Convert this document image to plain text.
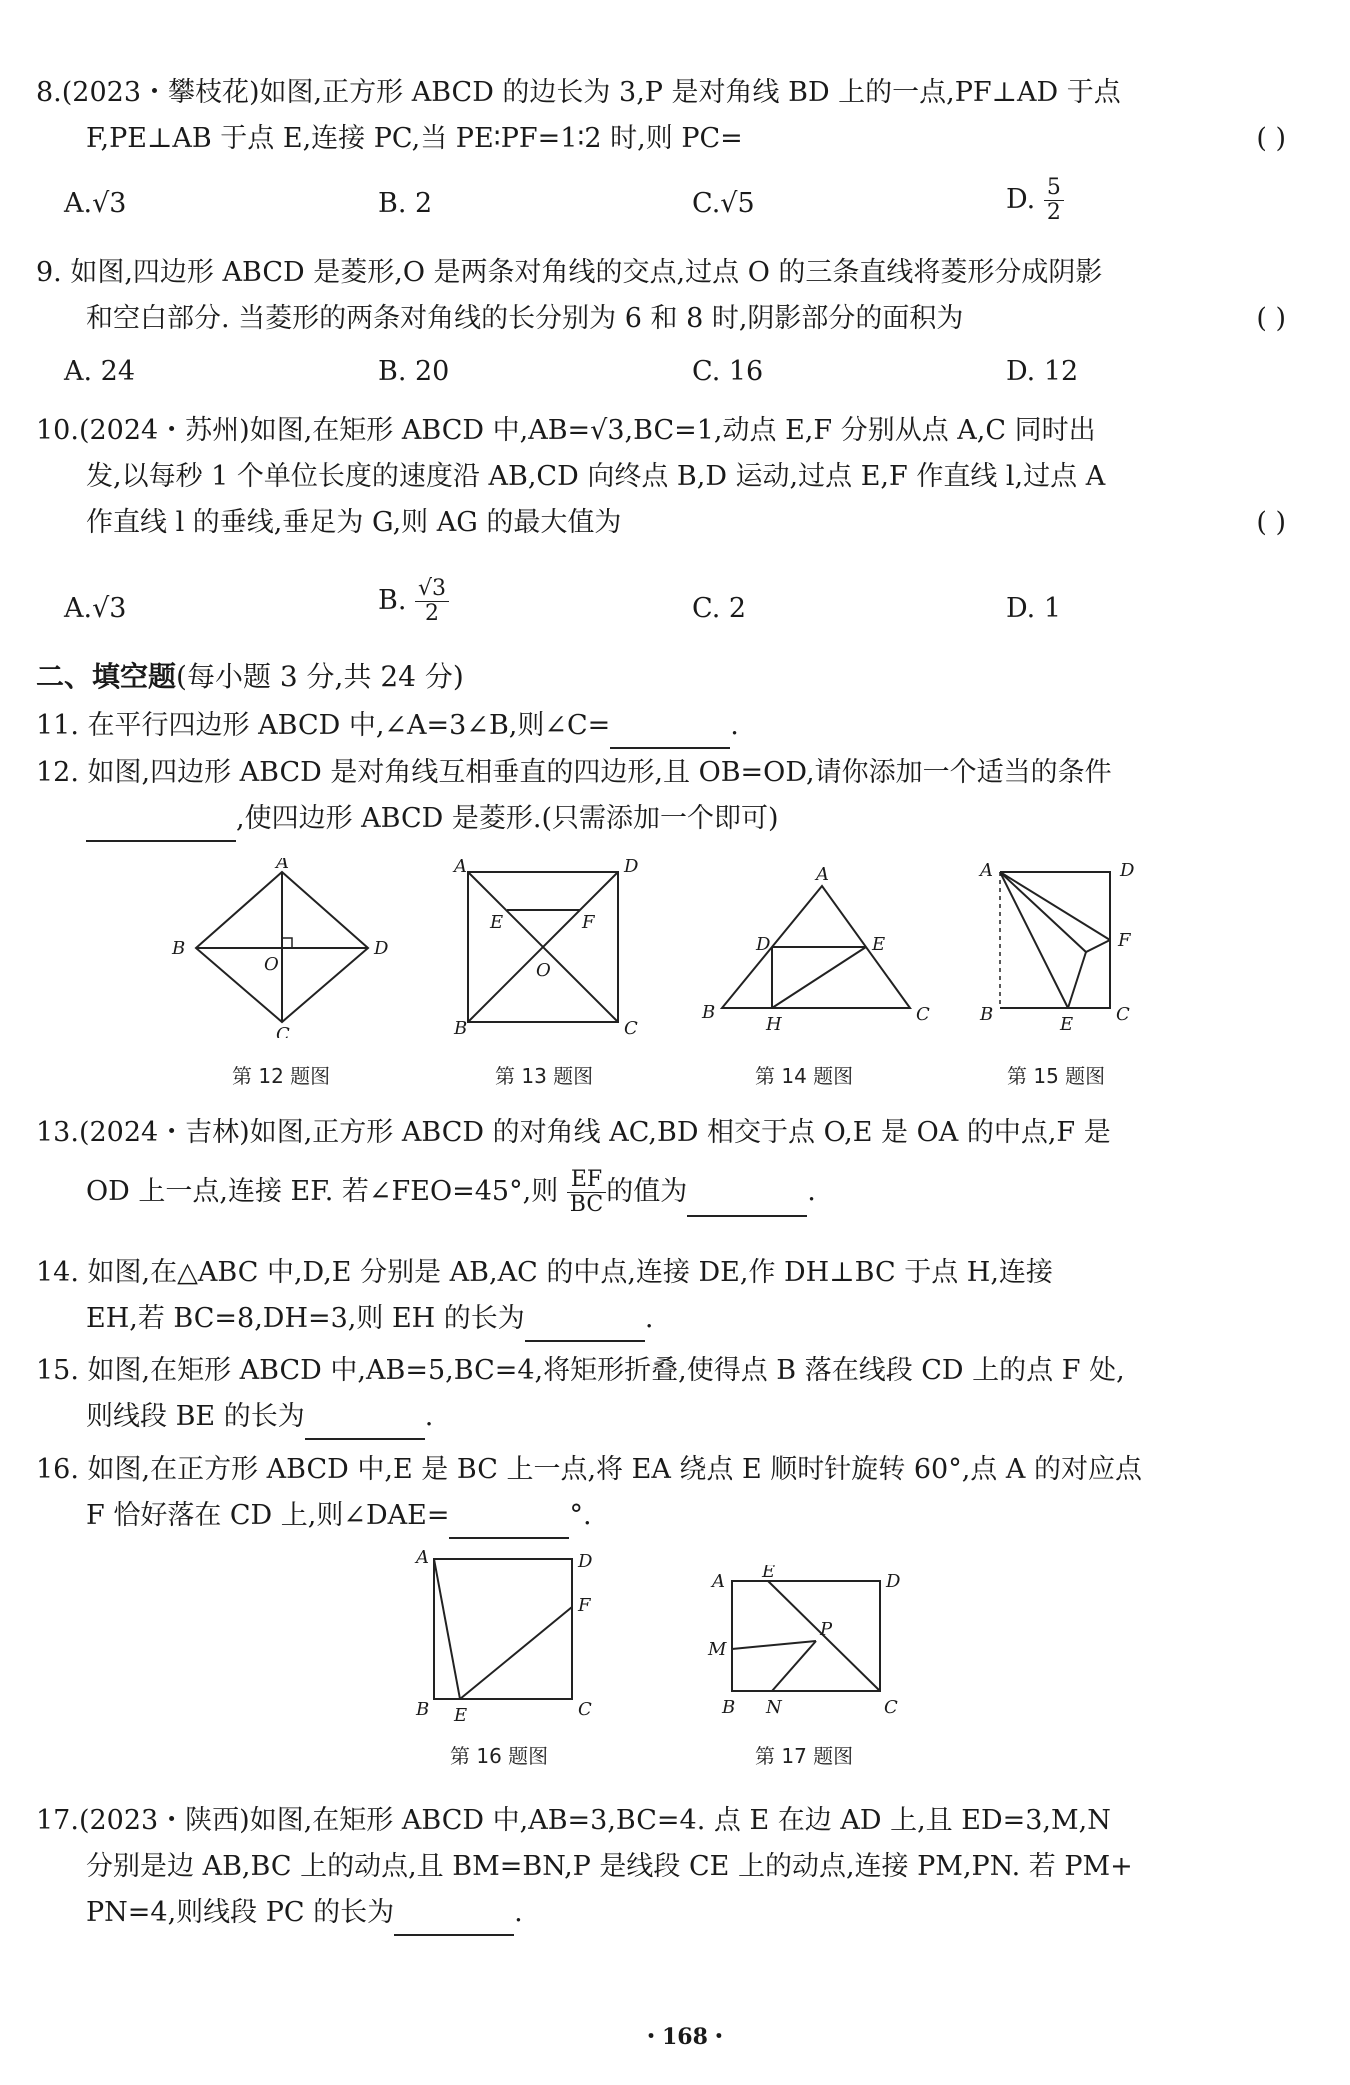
8.(2023・攀枝花)如图,正方形 ABCD 的边长为 3,P 是对角线 BD 上的一点,PF⊥AD 于点
F,PE⊥AB 于点 E,连接 PC,当 PE∶PF=1∶2 时,则 PC=	( )
A.√3	B. 2	C.√5	D. $\frac{5}{2}$
9. 如图,四边形 ABCD 是菱形,O 是两条对角线的交点,过点 O 的三条直线将菱形分成阴影
和空白部分. 当菱形的两条对角线的长分别为 6 和 8 时,阴影部分的面积为	( )
A. 24	B. 20	C. 16	D. 12
10.(2024・苏州)如图,在矩形 ABCD 中,AB=√3,BC=1,动点 E,F 分别从点 A,C 同时出
发,以每秒 1 个单位长度的速度沿 AB,CD 向终点 B,D 运动,过点 E,F 作直线 l,过点 A
作直线 l 的垂线,垂足为 G,则 AG 的最大值为	( )
A.√3	B. $\frac{√3}{2}$	C. 2	D. 1
二、填空题(每小题 3 分,共 24 分)
11. 在平行四边形 ABCD 中,∠A=3∠B,则∠C=	.
12. 如图,四边形 ABCD 是对角线互相垂直的四边形,且 OB=OD,请你添加一个适当的条件
,使四边形 ABCD 是菱形.(只需添加一个即可)
A
B
C
D
O
第 12 题图
A
B	C
D
E	F
O
第 13 题图
A
B	C
D	E
H
第 14 题图
A
B	C
D
E
F
第 15 题图
13.(2024・吉林)如图,正方形 ABCD 的对角线 AC,BD 相交于点 O,E 是 OA 的中点,F 是
OD 上一点,连接 EF. 若∠FEO=45°,则 $\frac{EF}{BC}$ 的值为	.
14. 如图,在△ABC 中,D,E 分别是 AB,AC 的中点,连接 DE,作 DH⊥BC 于点 H,连接
EH,若 BC=8,DH=3,则 EH 的长为	.
15. 如图,在矩形 ABCD 中,AB=5,BC=4,将矩形折叠,使得点 B 落在线段 CD 上的点 F 处,
则线段 BE 的长为	.
16. 如图,在正方形 ABCD 中,E 是 BC 上一点,将 EA 绕点 E 顺时针旋转 60°,点 A 的对应点
F 恰好落在 CD 上,则∠DAE=	°.
A
B	C
D
E
F
第 16 题图
A
B	C
D
E
M
N
P
第 17 题图
17.(2023・陕西)如图,在矩形 ABCD 中,AB=3,BC=4. 点 E 在边 AD 上,且 ED=3,M,N
分别是边 AB,BC 上的动点,且 BM=BN,P 是线段 CE 上的动点,连接 PM,PN. 若 PM+
PN=4,则线段 PC 的长为	.
・168・
